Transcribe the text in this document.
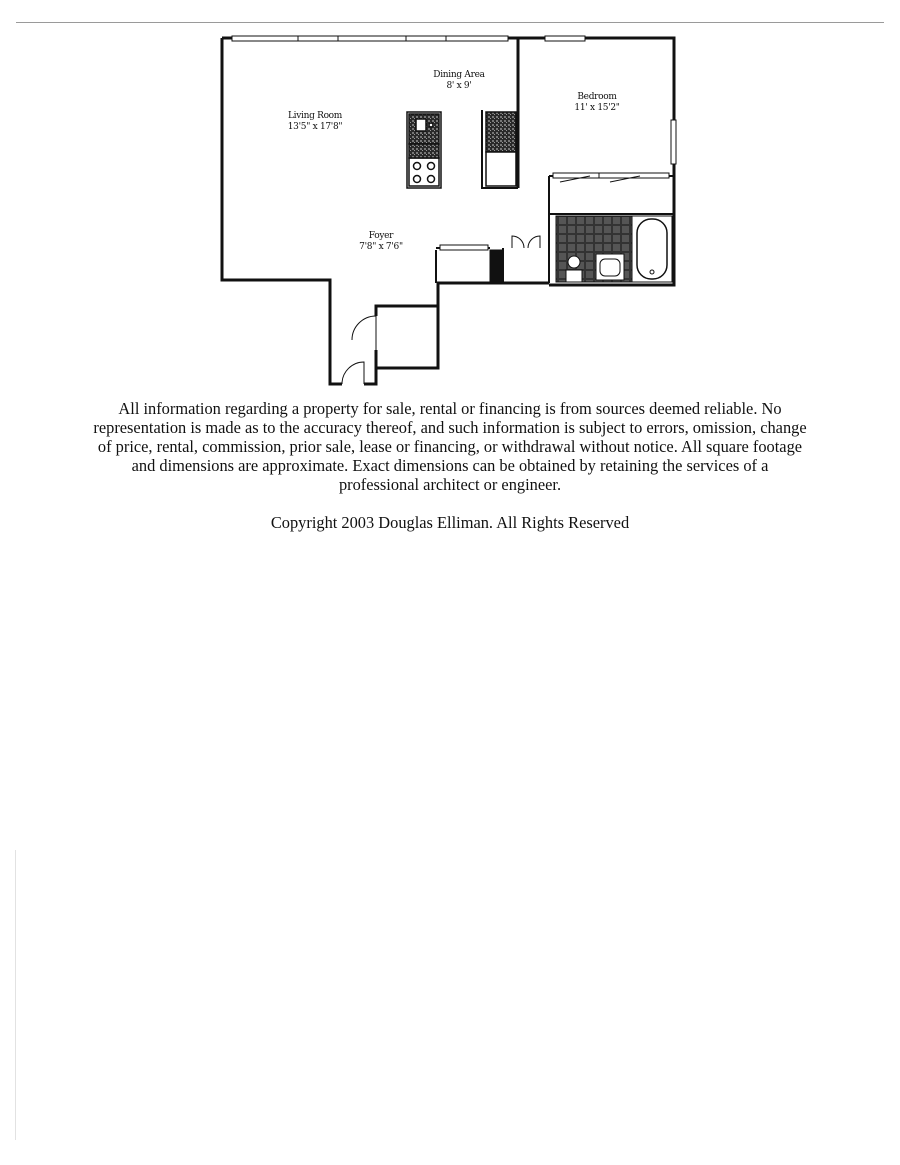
Living Room
13'5" x 17'8"
Dining Area
8' x 9'
Bedroom
11' x 15'2"
Foyer
7'8" x 7'6"

All information regarding a property for sale, rental or financing is from sources deemed reliable. No representation is made as to the accuracy thereof, and such information is subject to errors, omission, change of price, rental, commission, prior sale, lease or financing, or withdrawal without notice. All square footage and dimensions are approximate. Exact dimensions can be obtained by retaining the services of a professional architect or engineer.

Copyright 2003 Douglas Elliman. All Rights Reserved
